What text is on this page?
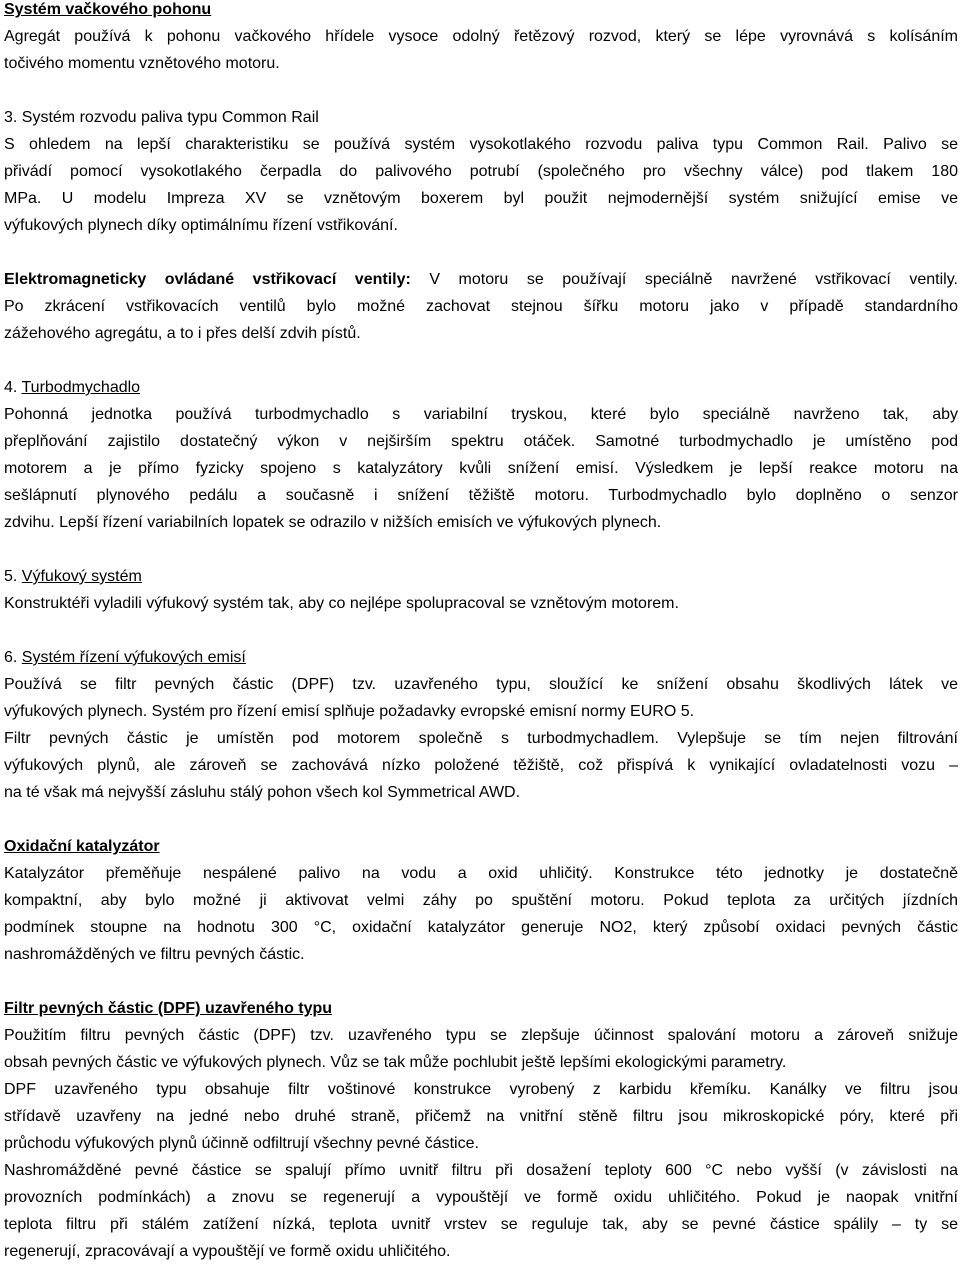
Systém vačkového pohonu
Agregát používá k pohonu vačkového hřídele vysoce odolný řetězový rozvod, který se lépe vyrovnává s kolísáním
točivého momentu vznětového motoru.
3. Systém rozvodu paliva typu Common Rail
S ohledem na lepší charakteristiku se používá systém vysokotlakého rozvodu paliva typu Common Rail. Palivo se
přivádí pomocí vysokotlakého čerpadla do palivového potrubí (společného pro všechny válce) pod tlakem 180
MPa. U modelu Impreza XV se vznětovým boxerem byl použit nejmodernější systém snižující emise ve
výfukových plynech díky optimálnímu řízení vstřikování.
Elektromagneticky ovládané vstřikovací ventily: V motoru se používají speciálně navržené vstřikovací ventily.
Po zkrácení vstřikovacích ventilů bylo možné zachovat stejnou šířku motoru jako v případě standardního
zážehového agregátu, a to i přes delší zdvih pístů.
4. Turbodmychadlo
Pohonná jednotka používá turbodmychadlo s variabilní tryskou, které bylo speciálně navrženo tak, aby
přeplňování zajistilo dostatečný výkon v nejširším spektru otáček. Samotné turbodmychadlo je umístěno pod
motorem a je přímo fyzicky spojeno s katalyzátory kvůli snížení emisí. Výsledkem je lepší reakce motoru na
sešlápnutí plynového pedálu a současně i snížení těžiště motoru. Turbodmychadlo bylo doplněno o senzor
zdvihu. Lepší řízení variabilních lopatek se odrazilo v nižších emisích ve výfukových plynech.
5. Výfukový systém
Konstruktéři vyladili výfukový systém tak, aby co nejlépe spolupracoval se vznětovým motorem.
6. Systém řízení výfukových emisí
Používá se filtr pevných částic (DPF) tzv. uzavřeného typu, sloužící ke snížení obsahu škodlivých látek ve
výfukových plynech. Systém pro řízení emisí splňuje požadavky evropské emisní normy EURO 5.
Filtr pevných částic je umístěn pod motorem společně s turbodmychadlem. Vylepšuje se tím nejen filtrování
výfukových plynů, ale zároveň se zachovává nízko položené těžiště, což přispívá k vynikající ovladatelnosti vozu –
na té však má nejvyšší zásluhu stálý pohon všech kol Symmetrical AWD.
Oxidační katalyzátor
Katalyzátor přeměňuje nespálené palivo na vodu a oxid uhličitý. Konstrukce této jednotky je dostatečně
kompaktní, aby bylo možné ji aktivovat velmi záhy po spuštění motoru. Pokud teplota za určitých jízdních
podmínek stoupne na hodnotu 300 °C, oxidační katalyzátor generuje NO2, který způsobí oxidaci pevných částic
nashromážděných ve filtru pevných částic.
Filtr pevných částic (DPF) uzavřeného typu
Použitím filtru pevných částic (DPF) tzv. uzavřeného typu se zlepšuje účinnost spalování motoru a zároveň snižuje
obsah pevných částic ve výfukových plynech. Vůz se tak může pochlubit ještě lepšími ekologickými parametry.
DPF uzavřeného typu obsahuje filtr voštinové konstrukce vyrobený z karbidu křemíku. Kanálky ve filtru jsou
střídavě uzavřeny na jedné nebo druhé straně, přičemž na vnitřní stěně filtru jsou mikroskopické póry, které při
průchodu výfukových plynů účinně odfiltrují všechny pevné částice.
Nashromážděné pevné částice se spalují přímo uvnitř filtru při dosažení teploty 600 °C nebo vyšší (v závislosti na
provozních podmínkách) a znovu se regenerují a vypouštějí ve formě oxidu uhličitého. Pokud je naopak vnitřní
teplota filtru při stálém zatížení nízká, teplota uvnitř vrstev se reguluje tak, aby se pevné částice spálily – ty se
regenerují, zpracovávají a vypouštějí ve formě oxidu uhličitého.
